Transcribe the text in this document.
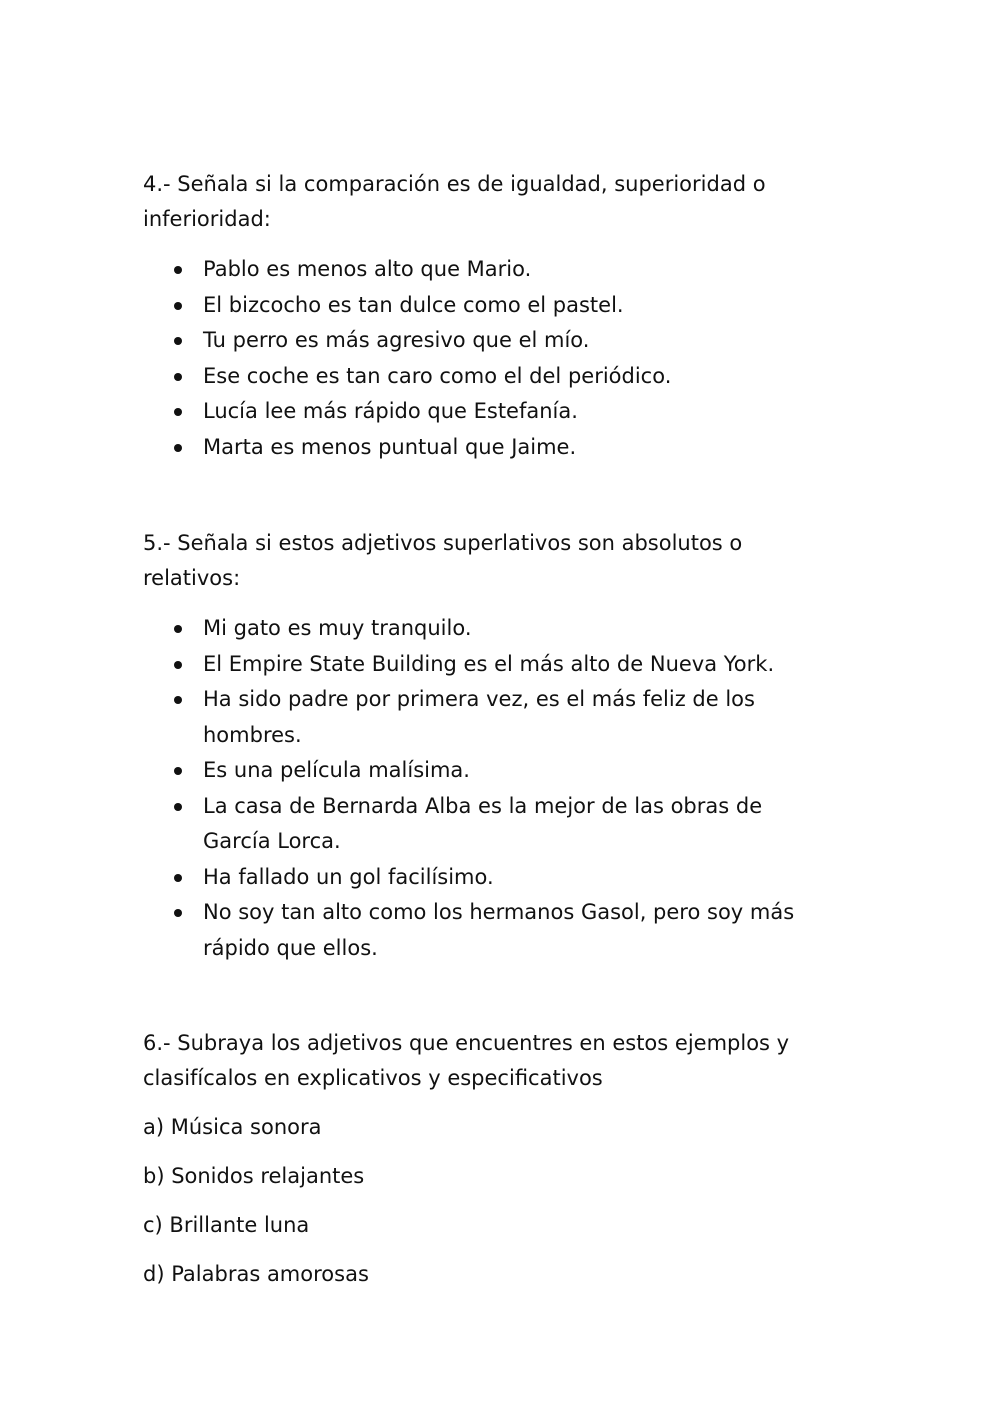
4.- Señala si la comparación es de igualdad, superioridad o inferioridad:

Pablo es menos alto que Mario.
El bizcocho es tan dulce como el pastel.
Tu perro es más agresivo que el mío.
Ese coche es tan caro como el del periódico.
Lucía lee más rápido que Estefanía.
Marta es menos puntual que Jaime.

5.- Señala si estos adjetivos superlativos son absolutos o relativos:

Mi gato es muy tranquilo.
El Empire State Building es el más alto de Nueva York.
Ha sido padre por primera vez, es el más feliz de los hombres.
Es una película malísima.
La casa de Bernarda Alba es la mejor de las obras de García Lorca.
Ha fallado un gol facilísimo.
No soy tan alto como los hermanos Gasol, pero soy más rápido que ellos.

6.- Subraya los adjetivos que encuentres en estos ejemplos y clasifícalos en explicativos y especificativos

a) Música sonora

b) Sonidos relajantes

c) Brillante luna

d) Palabras amorosas
